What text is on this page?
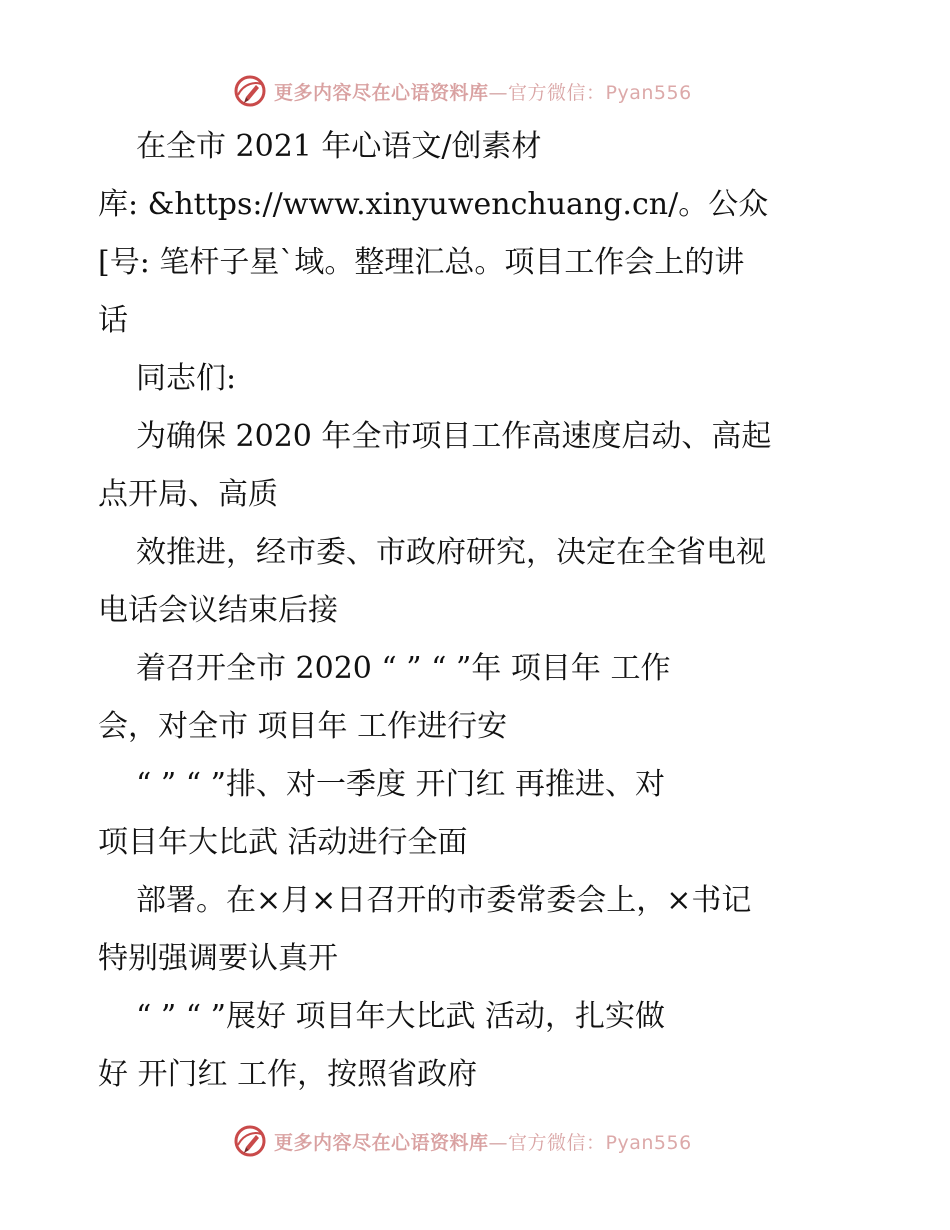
更多内容尽在心语资料库—官方微信：Pyan556
在全市 2021 年心语文/创素材
库: &https://www.xinyuwenchuang.cn/。公众
[号: 笔杆子星`域。整理汇总。项目工作会上的讲
话
同志们:
为确保 2020 年全市项目工作高速度启动、高起
点开局、高质
效推进，经市委、市政府研究，决定在全省电视
电话会议结束后接
着召开全市 2020 “ ” “ ”年 项目年 工作
会，对全市 项目年 工作进行安
“ ” “ ”排、对一季度 开门红 再推进、对
项目年大比武 活动进行全面
部署。在×月×日召开的市委常委会上，×书记
特别强调要认真开
“ ” “ ”展好 项目年大比武 活动，扎实做
好 开门红 工作，按照省政府
更多内容尽在心语资料库—官方微信：Pyan556
